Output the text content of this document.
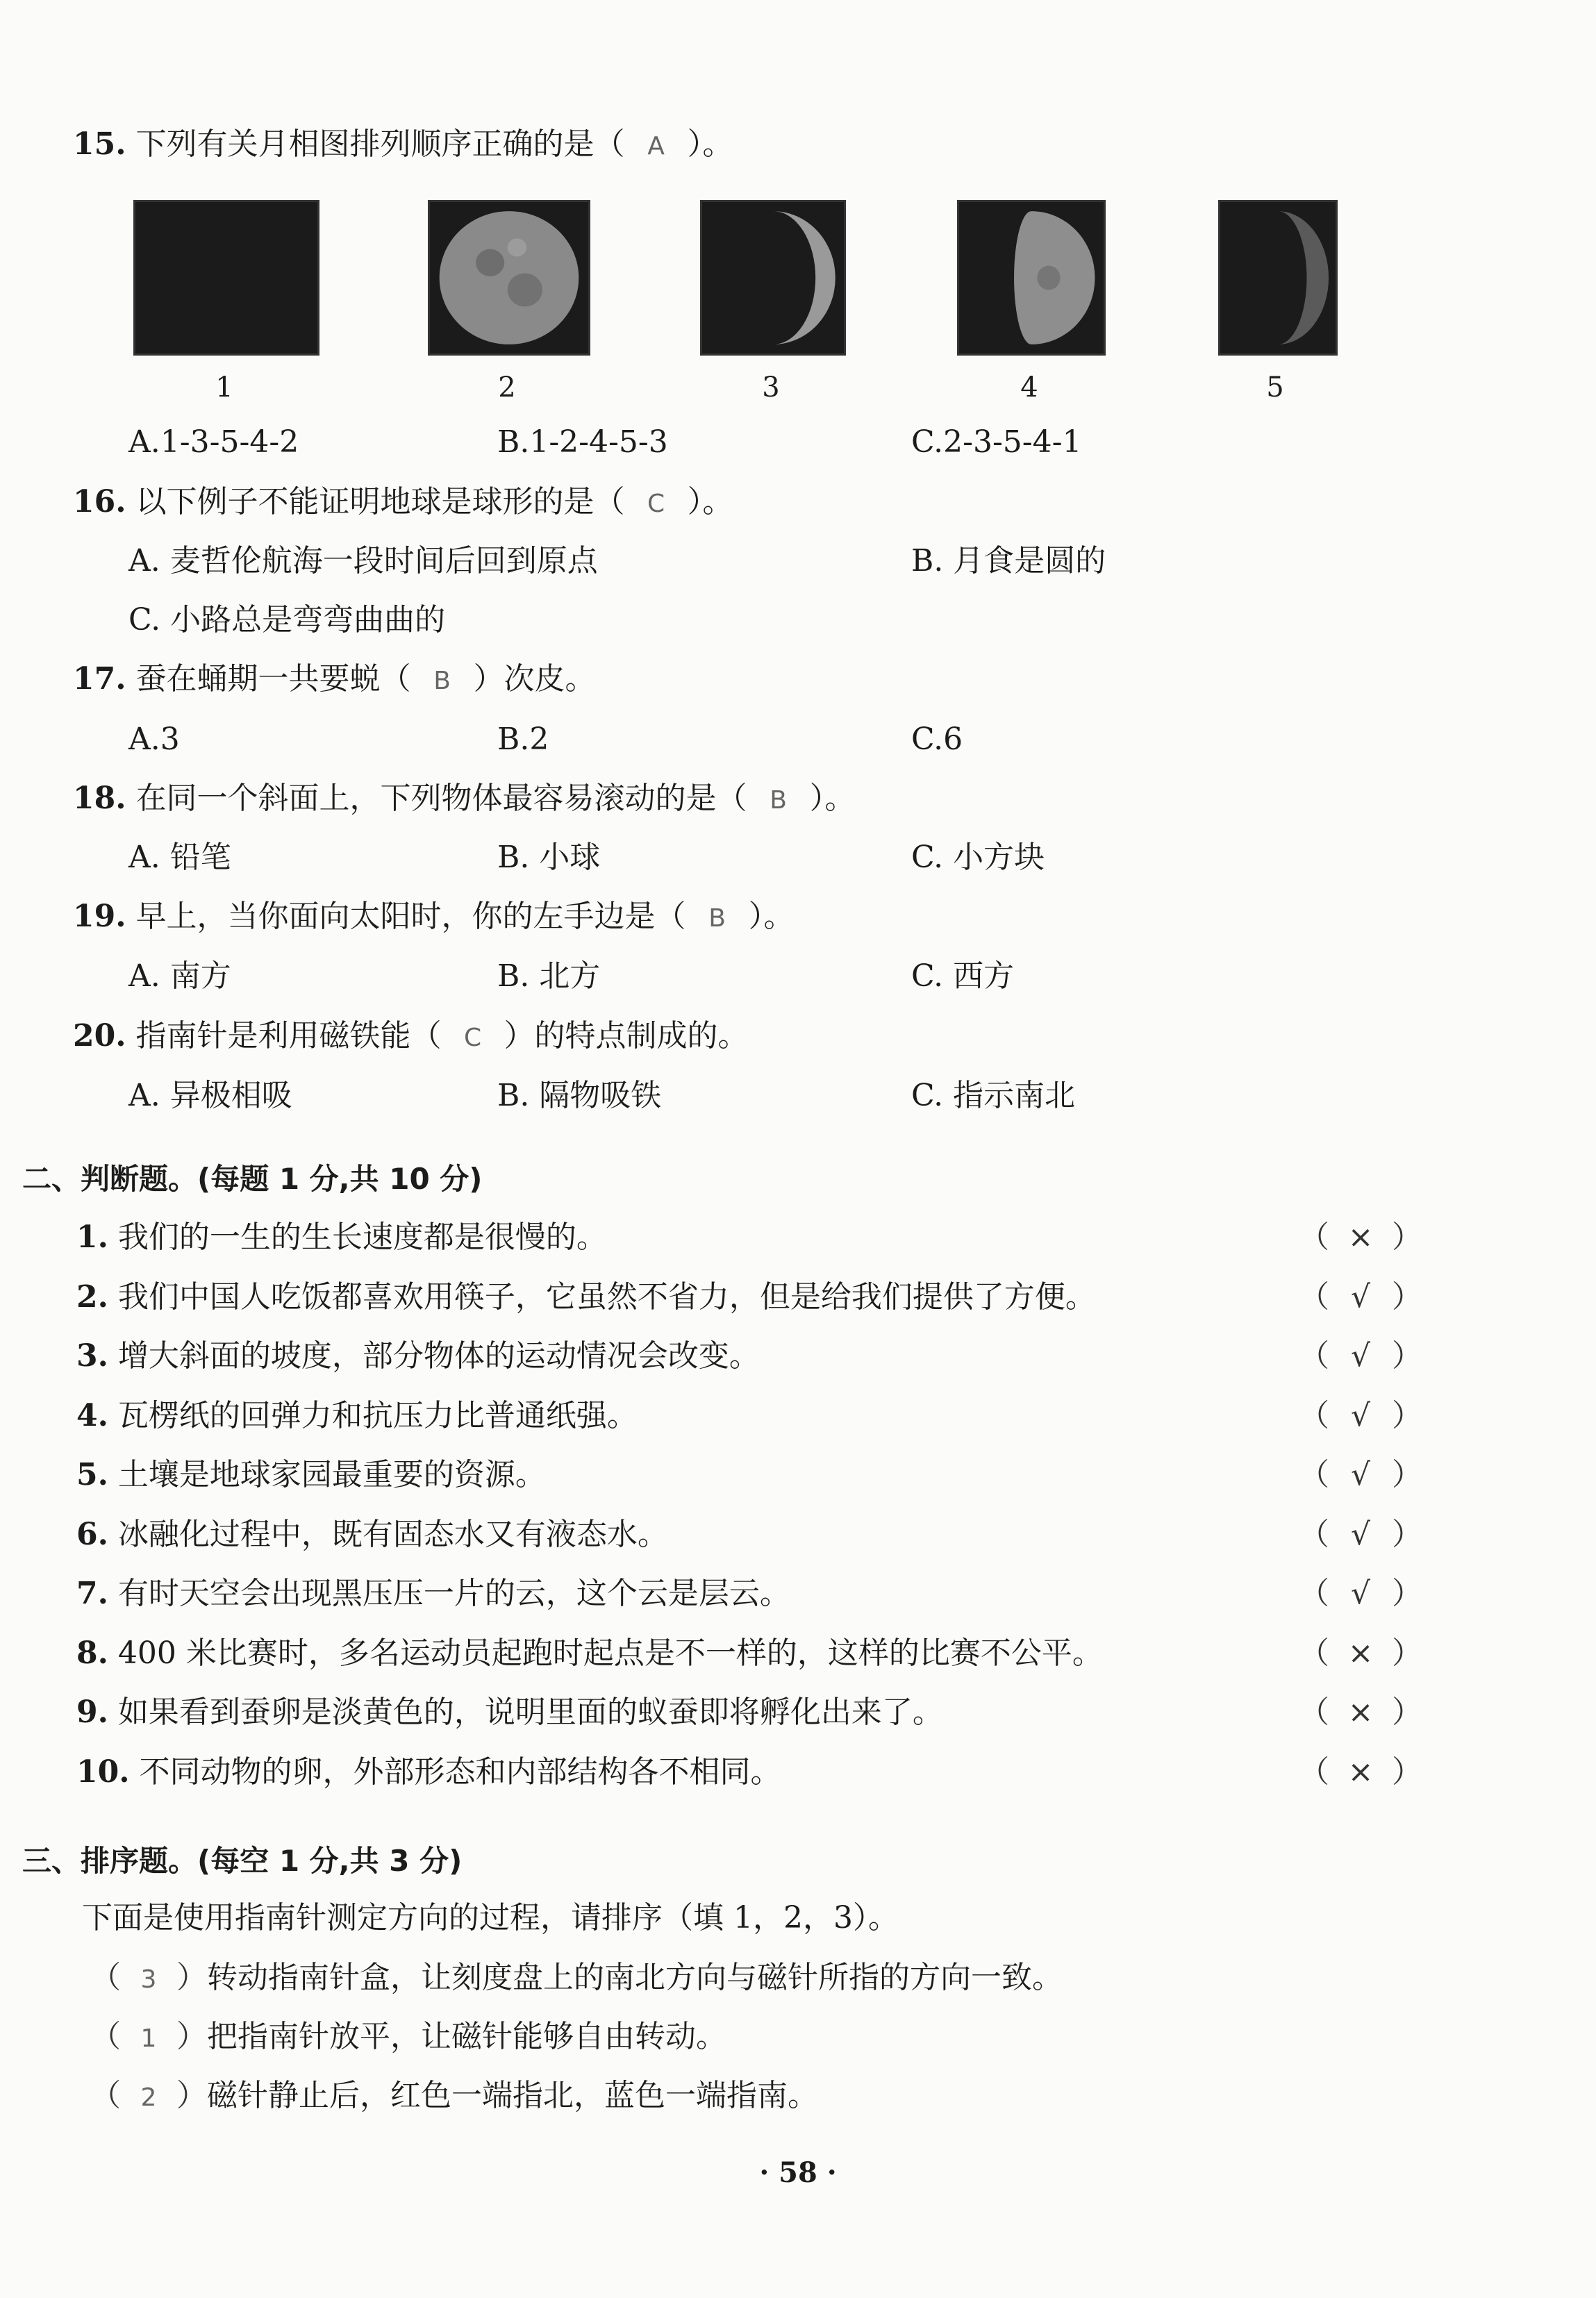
15. 下列有关月相图排列顺序正确的是（ A ）。
1	2	3	4	5
A.1-3-5-4-2	B.1-2-4-5-3	C.2-3-5-4-1
16. 以下例子不能证明地球是球形的是（ C ）。
A. 麦哲伦航海一段时间后回到原点	B. 月食是圆的
C. 小路总是弯弯曲曲的
17. 蚕在蛹期一共要蜕（ B ）次皮。
A.3	B.2	C.6
18. 在同一个斜面上，下列物体最容易滚动的是（ B ）。
A. 铅笔	B. 小球	C. 小方块
19. 早上，当你面向太阳时，你的左手边是（ B ）。
A. 南方	B. 北方	C. 西方
20. 指南针是利用磁铁能（ C ）的特点制成的。
A. 异极相吸	B. 隔物吸铁	C. 指示南北
二、判断题。(每题 1 分,共 10 分)
1. 我们的一生的生长速度都是很慢的。	（ × ）
2. 我们中国人吃饭都喜欢用筷子，它虽然不省力，但是给我们提供了方便。	（ √ ）
3. 增大斜面的坡度，部分物体的运动情况会改变。	（ √ ）
4. 瓦楞纸的回弹力和抗压力比普通纸强。	（ √ ）
5. 土壤是地球家园最重要的资源。	（ √ ）
6. 冰融化过程中，既有固态水又有液态水。	（ √ ）
7. 有时天空会出现黑压压一片的云，这个云是层云。	（ √ ）
8. 400 米比赛时，多名运动员起跑时起点是不一样的，这样的比赛不公平。	（ × ）
9. 如果看到蚕卵是淡黄色的，说明里面的蚁蚕即将孵化出来了。	（ × ）
10. 不同动物的卵，外部形态和内部结构各不相同。	（ × ）
三、排序题。(每空 1 分,共 3 分)
下面是使用指南针测定方向的过程，请排序（填 1，2，3）。
（ 3 ）转动指南针盒，让刻度盘上的南北方向与磁针所指的方向一致。
（ 1 ）把指南针放平，让磁针能够自由转动。
（ 2 ）磁针静止后，红色一端指北，蓝色一端指南。
· 58 ·
